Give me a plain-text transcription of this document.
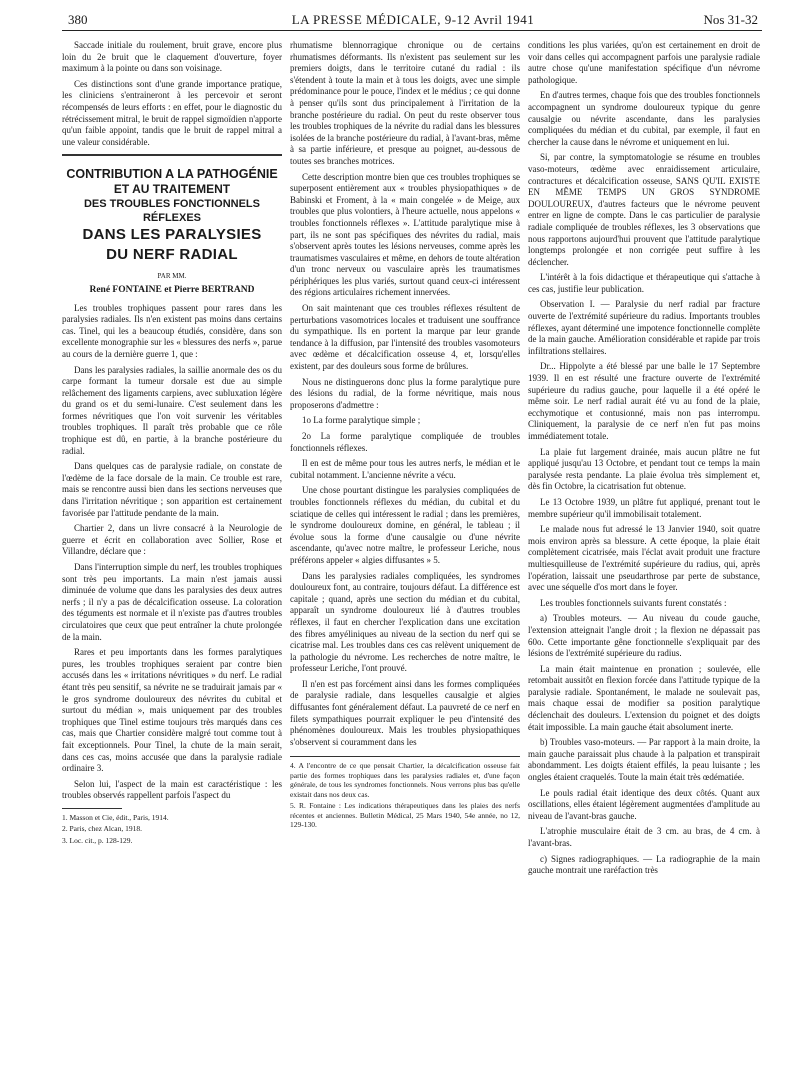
380	LA PRESSE MÉDICALE, 9-12 Avril 1941	Nos 31-32

Saccade initiale du roulement, bruit grave, encore plus loin du 2e bruit que le claquement d'ouverture, foyer maximum à la pointe ou dans son voisinage.

Ces distinctions sont d'une grande importance pratique, les cliniciens s'entraineront à les percevoir et seront récompensés de leurs efforts : en effet, pour le diagnostic du rétrécissement mitral, le bruit de rappel sigmoïdien n'apporte qu'un faible appoint, tandis que le bruit de rappel mitral a une valeur considérable.

CONTRIBUTION A LA PATHOGÉNIE
ET AU TRAITEMENT
DES TROUBLES FONCTIONNELS
RÉFLEXES
DANS LES PARALYSIES
DU NERF RADIAL
PAR MM.
René FONTAINE et Pierre BERTRAND

Les troubles trophiques passent pour rares dans les paralysies radiales. Ils n'en existent pas moins dans certains cas. Tinel, qui les a beaucoup étudiés, considère, dans son excellente monographie sur les « blessures des nerfs », parue au cours de la dernière guerre 1, que :

Dans les paralysies radiales, la saillie anormale des os du carpe formant la tumeur dorsale est due au simple relâchement des ligaments carpiens, avec subluxation légère du grand os et du semi-lunaire. C'est seulement dans les formes névritiques que l'on voit survenir les véritables troubles trophiques. Il paraît très probable que ce rôle trophique est dû, en partie, à la branche postérieure du radial.

Dans quelques cas de paralysie radiale, on constate de l'œdème de la face dorsale de la main. Ce trouble est rare, mais se rencontre aussi bien dans les sections nerveuses que dans l'irritation névritique ; son apparition est certainement favorisée par l'attitude pendante de la main.

Chartier 2, dans un livre consacré à la Neurologie de guerre et écrit en collaboration avec Sollier, Rose et Villandre, déclare que :

Dans l'interruption simple du nerf, les troubles trophiques sont très peu importants. La main n'est jamais aussi diminuée de volume que dans les paralysies des deux autres nerfs ; il n'y a pas de décalcification osseuse. La coloration des téguments est normale et il n'existe pas d'autres troubles circulatoires que ceux que peut entraîner la chute prolongée de la main.

Rares et peu importants dans les formes paralytiques pures, les troubles trophiques seraient par contre bien accusés dans les « irritations névritiques » du nerf. Le radial étant très peu sensitif, sa névrite ne se traduirait jamais par « le gros syndrome douloureux des névrites du cubital et surtout du médian », mais uniquement par des troubles trophiques que Tinel estime toujours très marqués dans ces cas, mais que Chartier considère malgré tout comme tout à fait exceptionnels. Pour Tinel, la chute de la main serait, dans ces cas, moins accusée que dans la paralysie radiale ordinaire 3.

Selon lui, l'aspect de la main est caractéristique : les troubles observés rappellent parfois l'aspect du

1. Masson et Cie, édit., Paris, 1914.
2. Paris, chez Alcan, 1918.
3. Loc. cit., p. 128-129.

rhumatisme blennorragique chronique ou de certains rhumatismes déformants. Ils n'existent pas seulement sur les premiers doigts, dans le territoire cutané du radial : ils s'étendent à toute la main et à tous les doigts, avec une simple prédominance pour le pouce, l'index et le médius ; ce qui donne à penser qu'ils sont dus principalement à l'irritation de la branche postérieure du radial. On peut du reste observer tous les troubles trophiques de la névrite du radial dans les blessures isolées de la branche postérieure du radial, à l'avant-bras, même à sa partie inférieure, et presque au poignet, au-dessous de toutes ses branches motrices.

Cette description montre bien que ces troubles trophiques se superposent entièrement aux « troubles physiopathiques » de Babinski et Froment, à la « main congelée » de Meige, aux troubles que plus volontiers, à l'heure actuelle, nous appelons « troubles fonctionnels réflexes ». L'attitude paralytique mise à part, ils ne sont pas spécifiques des névrites du radial, mais s'observent après toutes les lésions nerveuses, comme après les traumatismes vasculaires et même, en dehors de toute altération d'un tronc nerveux ou vasculaire après les traumatismes périphériques les plus variés, surtout quand ceux-ci intéressent des régions articulaires richement innervées.

On sait maintenant que ces troubles réflexes résultent de perturbations vasomotrices locales et traduisent une souffrance du sympathique. Ils en portent la marque par leur grande tendance à la diffusion, par l'intensité des troubles vasomoteurs avec œdème et décalcification osseuse 4, et, lorsqu'elles existent, par des douleurs sous forme de brûlures.

Nous ne distinguerons donc plus la forme paralytique pure des lésions du radial, de la forme névritique, mais nous proposerons d'admettre :

1o La forme paralytique simple ;

2o La forme paralytique compliquée de troubles fonctionnels réflexes.

Il en est de même pour tous les autres nerfs, le médian et le cubital notamment. L'ancienne névrite a vécu.

Une chose pourtant distingue les paralysies compliquées de troubles fonctionnels réflexes du médian, du cubital et du sciatique de celles qui intéressent le radial ; dans les premières, le syndrome douloureux domine, en général, le tableau ; il évolue sous la forme d'une causalgie ou d'une névrite ascendante, qu'avec notre maître, le professeur Leriche, nous préférons appeler « algies diffusantes » 5.

Dans les paralysies radiales compliquées, les syndromes douloureux font, au contraire, toujours défaut. La différence est capitale ; quand, après une section du médian et du cubital, apparaît un syndrome douloureux lié à d'autres troubles réflexes, il faut en chercher l'explication dans une excitation des fibres amyéliniques au niveau de la section du nerf qui se cicatrise mal. Les troubles dans ces cas relèvent uniquement de la pathologie du névrome. Les recherches de notre maître, le professeur Leriche, l'ont prouvé.

Il n'en est pas forcément ainsi dans les formes compliquées de paralysie radiale, dans lesquelles causalgie et algies diffusantes font généralement défaut. La pauvreté de ce nerf en filets sympathiques pourrait expliquer le peu d'intensité des phénomènes douloureux. Mais les troubles physiopathiques s'observent si couramment dans les

4. A l'encontre de ce que pensait Chartier, la décalcification osseuse fait partie des formes trophiques dans les paralysies radiales et, d'une façon générale, de tous les syndromes fonctionnels. Nous verrons plus bas qu'elle existait dans nos deux cas.
5. R. Fontaine : Les indications thérapeutiques dans les plaies des nerfs récentes et anciennes. Bulletin Médical, 25 Mars 1940, 54e année, no 12, 129-130.

conditions les plus variées, qu'on est certainement en droit de voir dans celles qui accompagnent parfois une paralysie radiale autre chose qu'une manifestation spécifique d'un névrome pathologique.

En d'autres termes, chaque fois que des troubles fonctionnels accompagnent un syndrome douloureux typique du genre causalgie ou névrite ascendante, dans les paralysies compliquées du médian et du cubital, par exemple, il faut en chercher la cause dans le névrome et uniquement en lui.

Si, par contre, la symptomatologie se résume en troubles vaso-moteurs, œdème avec enraidissement articulaire, contractures et décalcification osseuse, SANS QU'IL EXISTE EN MÊME TEMPS UN GROS SYNDROME DOULOUREUX, d'autres facteurs que le névrome peuvent entrer en ligne de compte. Dans le cas particulier de paralysie radiale compliquée de troubles réflexes, les 3 observations que nous rapportons aujourd'hui prouvent que l'attitude paralytique longtemps prolongée et non corrigée peut suffire à les déclencher.

L'intérêt à la fois didactique et thérapeutique qui s'attache à ces cas, justifie leur publication.

Observation I. — Paralysie du nerf radial par fracture ouverte de l'extrémité supérieure du radius. Importants troubles réflexes, ayant déterminé une impotence fonctionnelle complète de la main gauche. Amélioration considérable et rapide par trois infiltrations stellaires.

Dr... Hippolyte a été blessé par une balle le 17 Septembre 1939. Il en est résulté une fracture ouverte de l'extrémité supérieure du radius gauche, pour laquelle il a été opéré le même soir. Le nerf radial aurait été vu au fond de la plaie, ecchymotique et contusionné, mais non pas interrompu. Cliniquement, la paralysie de ce nerf n'en fut pas moins immédiatement totale.

La plaie fut largement drainée, mais aucun plâtre ne fut appliqué jusqu'au 13 Octobre, et pendant tout ce temps la main paralysée resta pendante. La plaie évolua très simplement et, dès fin Octobre, la cicatrisation fut obtenue.

Le 13 Octobre 1939, un plâtre fut appliqué, prenant tout le membre supérieur qu'il immobilisait totalement.

Le malade nous fut adressé le 13 Janvier 1940, soit quatre mois environ après sa blessure. A cette époque, la plaie était complètement cicatrisée, mais l'éclat avait produit une fracture multiesquilleuse de l'extrémité supérieure du radius, qui, après l'opération, laissait une pseudarthrose par perte de substance, avec une séquelle d'os mort dans le foyer.

Les troubles fonctionnels suivants furent constatés :

a) Troubles moteurs. — Au niveau du coude gauche, l'extension atteignait l'angle droit ; la flexion ne dépassait pas 60o. Cette importante gêne fonctionnelle s'expliquait par des lésions de l'extrémité supérieure du radius.

La main était maintenue en pronation ; soulevée, elle retombait aussitôt en flexion forcée dans l'attitude typique de la paralysie radiale. Spontanément, le malade ne soulevait pas, mais chaque essai de modifier sa position paralytique déclenchait des douleurs. L'extension du poignet et des doigts était impossible. La main gauche était absolument inerte.

b) Troubles vaso-moteurs. — Par rapport à la main droite, la main gauche paraissait plus chaude à la palpation et transpirait abondamment. Les doigts étaient effilés, la peau luisante ; les ongles étaient craquelés. Toute la main était très œdématiée.

Le pouls radial était identique des deux côtés. Quant aux oscillations, elles étaient légèrement augmentées d'amplitude au niveau de l'avant-bras gauche.

L'atrophie musculaire était de 3 cm. au bras, de 4 cm. à l'avant-bras.

c) Signes radiographiques. — La radiographie de la main gauche montrait une raréfaction très
